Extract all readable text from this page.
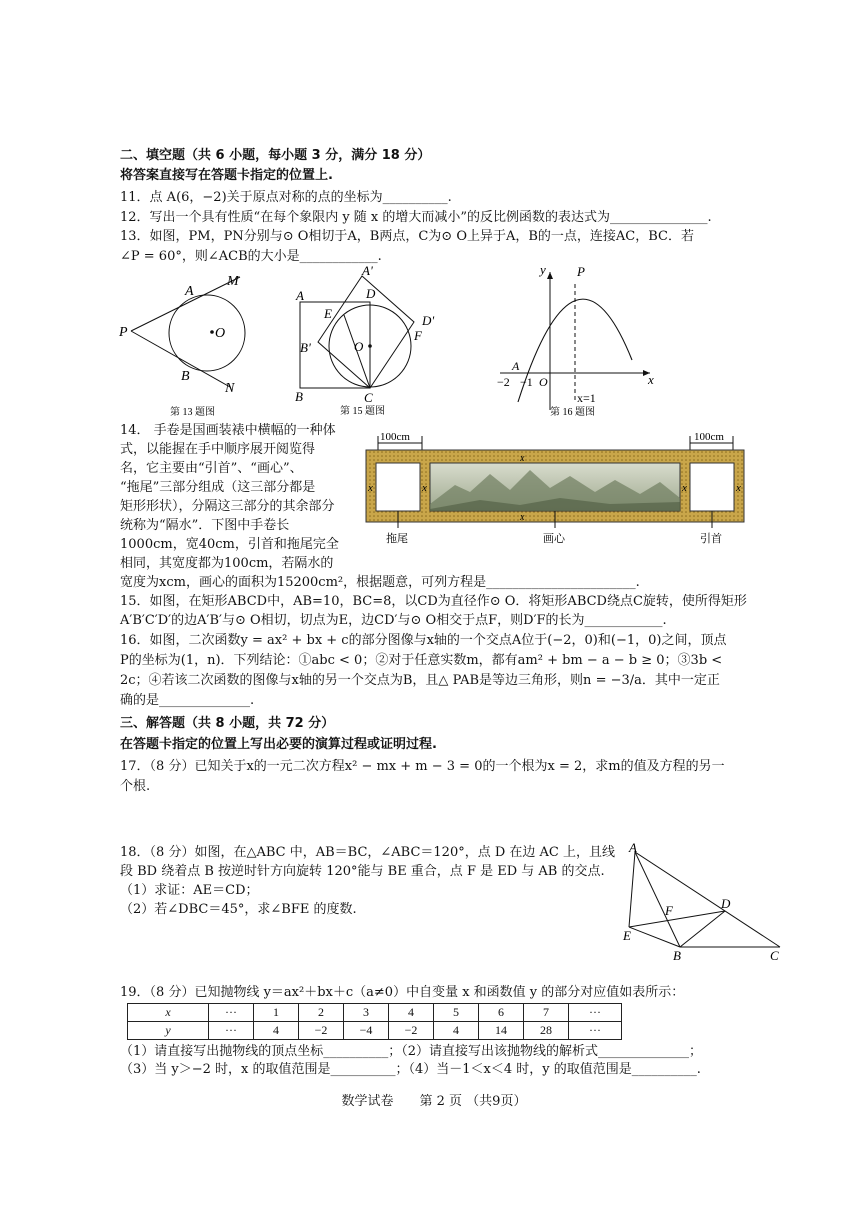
二、填空题（共 6 小题，每小题 3 分，满分 18 分）
将答案直接写在答题卡指定的位置上.
11．点 A(6，−2)关于原点对称的点的坐标为__________.
12．写出一个具有性质“在每个象限内 y 随 x 的增大而减小”的反比例函数的表达式为_______________.
13．如图，PM，PN分别与⊙ O相切于A，B两点，C为⊙ O上异于A，B的一点，连接AC，BC．若
∠P = 60°，则∠ACB的大小是____________.
M
A
P	O
B
N
第 13 题图
A'
A	D
E	D'
F
B'	O
B	C
第 15 题图
y P
A
−2 −1 O	x
x=1
第 16 题图
14． 手卷是国画装裱中横幅的一种体
式，以能握在手中顺序展开阅览得
名，它主要由“引首”、“画心”、
“拖尾”三部分组成（这三部分都是
矩形形状），分隔这三部分的其余部分
统称为“隔水”．下图中手卷长
1000cm，宽40cm，引首和拖尾完全
相同，其宽度都为100cm，若隔水的
宽度为xcm，画心的面积为15200cm²，根据题意，可列方程是_______________________.
100cm	100cm
x	x	x	x
x
x
拖尾	画心	引首
15．如图，在矩形ABCD中，AB=10，BC=8，以CD为直径作⊙ O．将矩形ABCD绕点C旋转，使所得矩形
A′B′C′D′的边A′B′与⊙ O相切，切点为E，边CD′与⊙ O相交于点F，则D′F的长为____________.
16．如图，二次函数y = ax² + bx + c的部分图像与x轴的一个交点A位于(−2，0)和(−1，0)之间，顶点
P的坐标为(1，n)．下列结论：①abc < 0；②对于任意实数m，都有am² + bm − a − b ≥ 0；③3b <
2c；④若该二次函数的图像与x轴的另一个交点为B，且△ PAB是等边三角形，则n = −3/a．其中一定正
确的是______________.
三、解答题（共 8 小题，共 72 分）
在答题卡指定的位置上写出必要的演算过程或证明过程.
17．（8 分）已知关于x的一元二次方程x² − mx + m − 3 = 0的一个根为x = 2，求m的值及方程的另一
个根.
18．（8 分）如图，在△ABC 中，AB＝BC，∠ABC＝120°，点 D 在边 AC 上，且线
段 BD 绕着点 B 按逆时针方向旋转 120°能与 BE 重合，点 F 是 ED 与 AB 的交点.
（1）求证：AE＝CD；
（2）若∠DBC＝45°，求∠BFE 的度数.
A
D
F
E
B	C
19．（8 分）已知抛物线 y＝ax²＋bx＋c（a≠0）中自变量 x 和函数值 y 的部分对应值如表所示：
x	···	1	2	3	4	5	6	7	···
y	···	4	−2	−4	−2	4	14	28	···
（1）请直接写出抛物线的顶点坐标__________；（2）请直接写出该抛物线的解析式______________；
（3）当 y＞−2 时，x 的取值范围是__________；（4）当－1＜x＜4 时，y 的取值范围是__________.
数学试卷　　第 2 页 （共9页）
